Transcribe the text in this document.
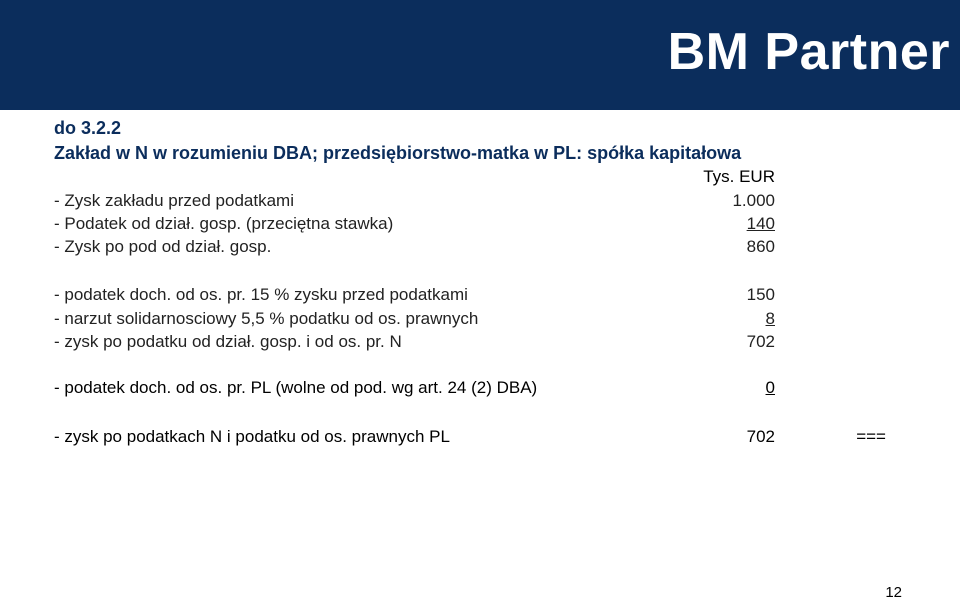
BM Partner
do 3.2.2
Zakład w N w rozumieniu DBA; przedsiębiorstwo-matka w PL: spółka kapitałowa
Tys. EUR
- Zysk zakładu przed podatkami	1.000
- Podatek od dział. gosp. (przeciętna stawka)	140
- Zysk po pod od dział. gosp.	860
- podatek doch. od os. pr. 15 % zysku przed podatkami	150
- narzut solidarnosciowy 5,5 % podatku od os. prawnych	8
- zysk po podatku od dział. gosp. i od os. pr. N	702
- podatek doch. od os. pr. PL (wolne od pod. wg art. 24 (2) DBA)	0
- zysk po podatkach N i podatku od os. prawnych PL	702	===
12
